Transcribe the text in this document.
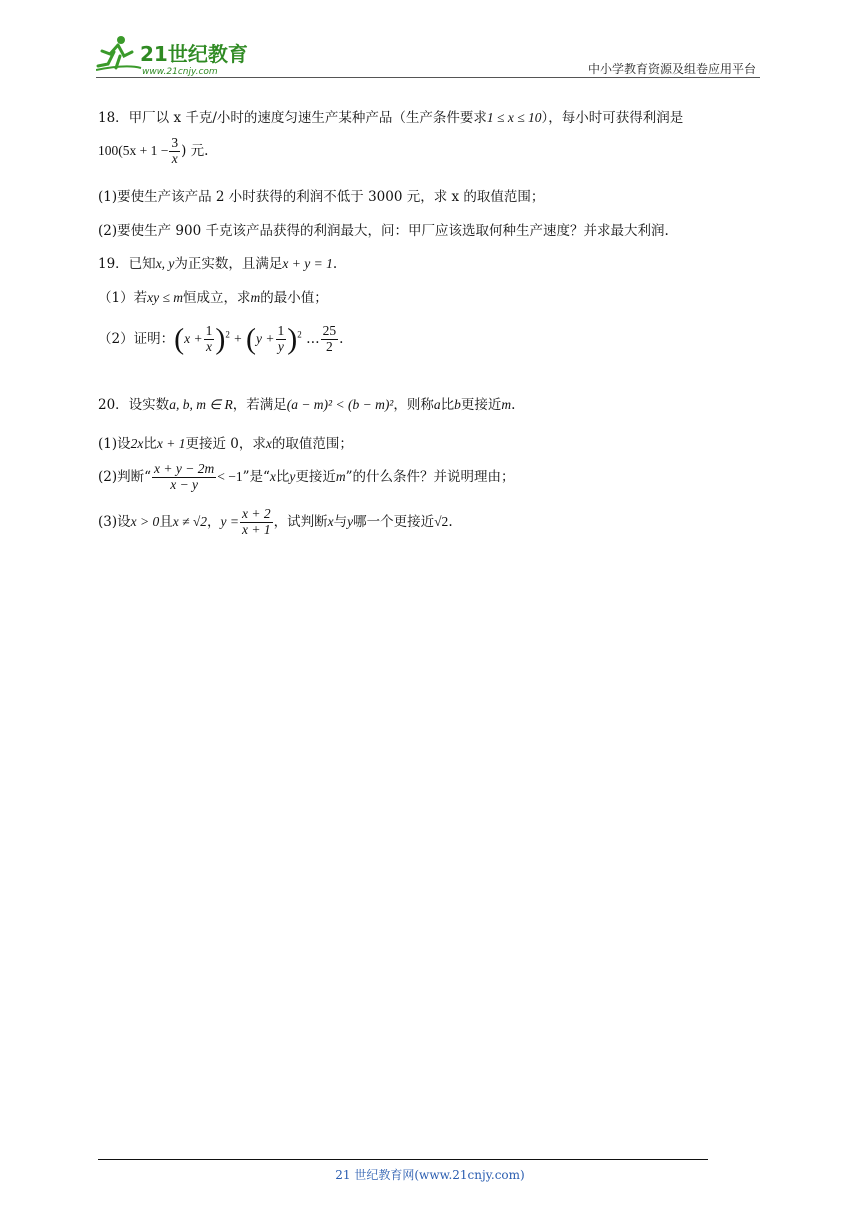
21世纪教育
www.21cnjy.com	中小学教育资源及组卷应用平台
18．甲厂以 x 千克/小时的速度匀速生产某种产品（生产条件要求1 ≤ x ≤ 10），每小时可获得利润是
$100(5x + 1 - \frac{3}{x}$ ) 元.
(1)要使生产该产品 2 小时获得的利润不低于 3000 元，求 x 的取值范围；
(2)要使生产 900 千克该产品获得的利润最大，问：甲厂应该选取何种生产速度？并求最大利润.
19．已知x, y为正实数，且满足x + y = 1.
（1）若xy ≤ m恒成立，求m的最小值；
（2）证明：$(x + \frac{1}{x} )^2 + (y + \frac{1}{y} )^2$ … $\frac{25}{2}$ .
20．设实数a, b, m ∈ R，若满足(a − m)² < (b − m)²，则称a比b更接近m.
(1)设2x比x + 1更接近 0，求x的取值范围；
(2)判断“ $\frac{x + y - 2m}{x - y} < -1$”是“x比y更接近m”的什么条件？并说明理由；
(3)设x > 0且x ≠ √2，$y = \frac{x + 2}{x + 1}$ ，试判断x与y哪一个更接近√2.
21 世纪教育网(www.21cnjy.com)
